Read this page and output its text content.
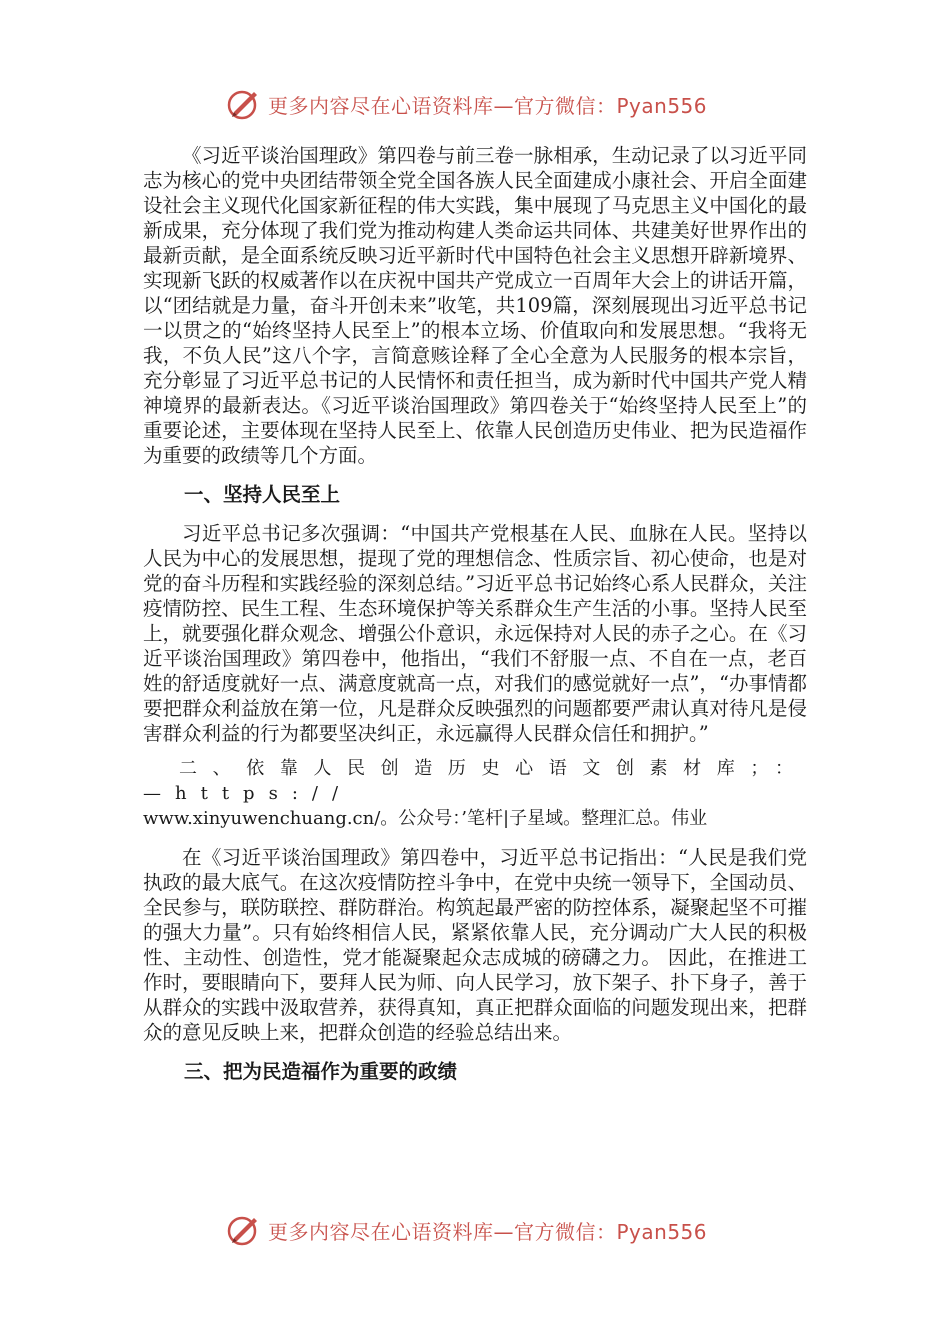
更多内容尽在心语资料库—官方微信：Pyan556

《习近平谈治国理政》第四卷与前三卷一脉相承，生动记录了以习近平同志为核心的党中央团结带领全党全国各族人民全面建成小康社会、开启全面建设社会主义现代化国家新征程的伟大实践，集中展现了马克思主义中国化的最新成果，充分体现了我们党为推动构建人类命运共同体、共建美好世界作出的最新贡献，是全面系统反映习近平新时代中国特色社会主义思想开辟新境界、实现新飞跃的权威著作以在庆祝中国共产党成立一百周年大会上的讲话开篇，以“团结就是力量，奋斗开创未来”收笔，共109篇，深刻展现出习近平总书记一以贯之的“始终坚持人民至上”的根本立场、价值取向和发展思想。“我将无我，不负人民”这八个字，言简意赅诠释了全心全意为人民服务的根本宗旨，充分彰显了习近平总书记的人民情怀和责任担当，成为新时代中国共产党人精神境界的最新表达。《习近平谈治国理政》第四卷关于“始终坚持人民至上”的重要论述，主要体现在坚持人民至上、依靠人民创造历史伟业、把为民造福作为重要的政绩等几个方面。

一、坚持人民至上

习近平总书记多次强调：“中国共产党根基在人民、血脉在人民。坚持以人民为中心的发展思想，提现了党的理想信念、性质宗旨、初心使命，也是对党的奋斗历程和实践经验的深刻总结。”习近平总书记始终心系人民群众，关注疫情防控、民生工程、生态环境保护等关系群众生产生活的小事。坚持人民至上，就要强化群众观念、增强公仆意识，永远保持对人民的赤子之心。在《习近平谈治国理政》第四卷中，他指出，“我们不舒服一点、不自在一点，老百姓的舒适度就好一点、满意度就高一点，对我们的感觉就好一点”，“办事情都要把群众利益放在第一位，凡是群众反映强烈的问题都要严肃认真对待凡是侵害群众利益的行为都要坚决纠正，永远赢得人民群众信任和拥护。”

二、依靠人民创造历史心语文创素材库；：—https://
www.xinyuwenchuang.cn/。公众号：’笔杆|子星域。整理汇总。伟业

在《习近平谈治国理政》第四卷中，习近平总书记指出：“人民是我们党执政的最大底气。在这次疫情防控斗争中，在党中央统一领导下，全国动员、全民参与，联防联控、群防群治。构筑起最严密的防控体系，凝聚起坚不可摧的强大力量”。只有始终相信人民，紧紧依靠人民，充分调动广大人民的积极性、主动性、创造性，党才能凝聚起众志成城的磅礴之力。 因此，在推进工作时，要眼睛向下，要拜人民为师、向人民学习，放下架子、扑下身子，善于从群众的实践中汲取营养，获得真知，真正把群众面临的问题发现出来，把群众的意见反映上来，把群众创造的经验总结出来。

三、把为民造福作为重要的政绩
更多内容尽在心语资料库—官方微信：Pyan556
